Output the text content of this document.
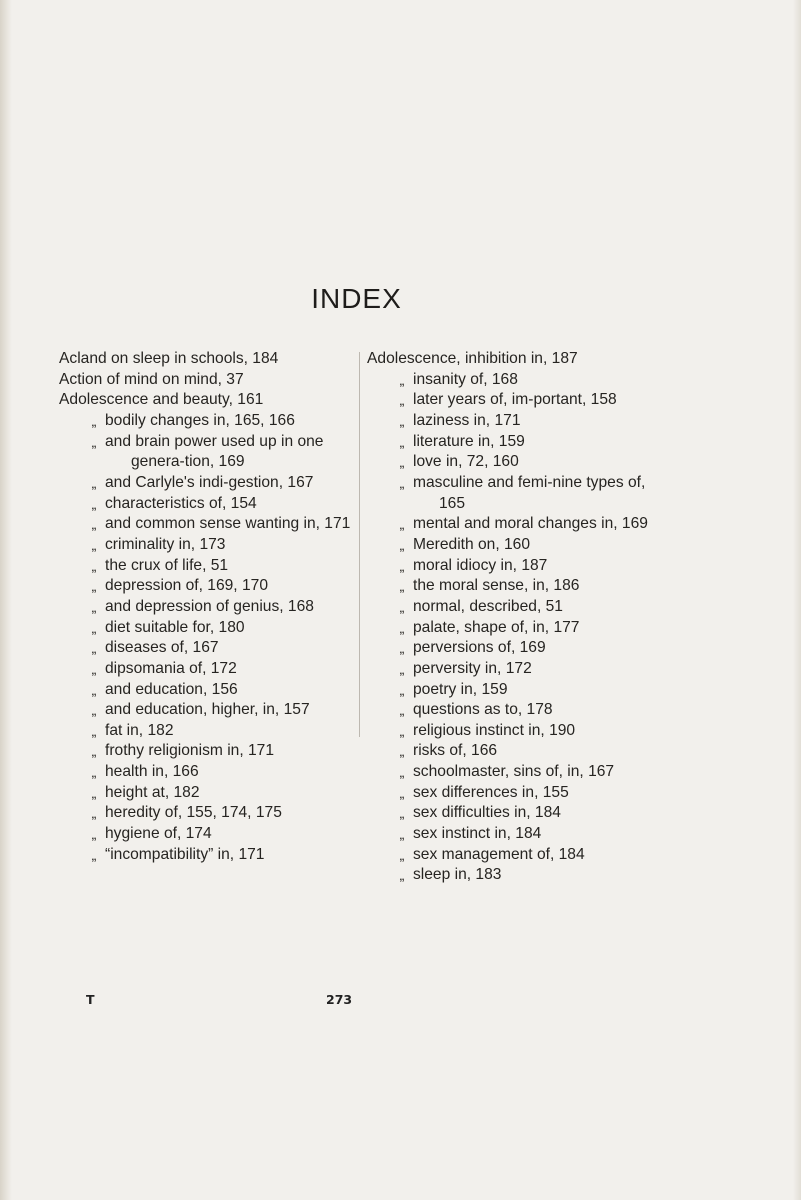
INDEX
Acland on sleep in schools, 184
Action of mind on mind, 37
Adolescence and beauty, 161
„ bodily changes in, 165, 166
„ and brain power used up in one genera-tion, 169
„ and Carlyle's indi-gestion, 167
„ characteristics of, 154
„ and common sense wanting in, 171
„ criminality in, 173
„ the crux of life, 51
„ depression of, 169, 170
„ and depression of genius, 168
„ diet suitable for, 180
„ diseases of, 167
„ dipsomania of, 172
„ and education, 156
„ and education, higher, in, 157
„ fat in, 182
„ frothy religionism in, 171
„ health in, 166
„ height at, 182
„ heredity of, 155, 174, 175
„ hygiene of, 174
„ “incompatibility” in, 171
Adolescence, inhibition in, 187
„ insanity of, 168
„ later years of, im-portant, 158
„ laziness in, 171
„ literature in, 159
„ love in, 72, 160
„ masculine and femi-nine types of, 165
„ mental and moral changes in, 169
„ Meredith on, 160
„ moral idiocy in, 187
„ the moral sense, in, 186
„ normal, described, 51
„ palate, shape of, in, 177
„ perversions of, 169
„ perversity in, 172
„ poetry in, 159
„ questions as to, 178
„ religious instinct in, 190
„ risks of, 166
„ schoolmaster, sins of, in, 167
„ sex differences in, 155
„ sex difficulties in, 184
„ sex instinct in, 184
„ sex management of, 184
„ sleep in, 183
T	273
